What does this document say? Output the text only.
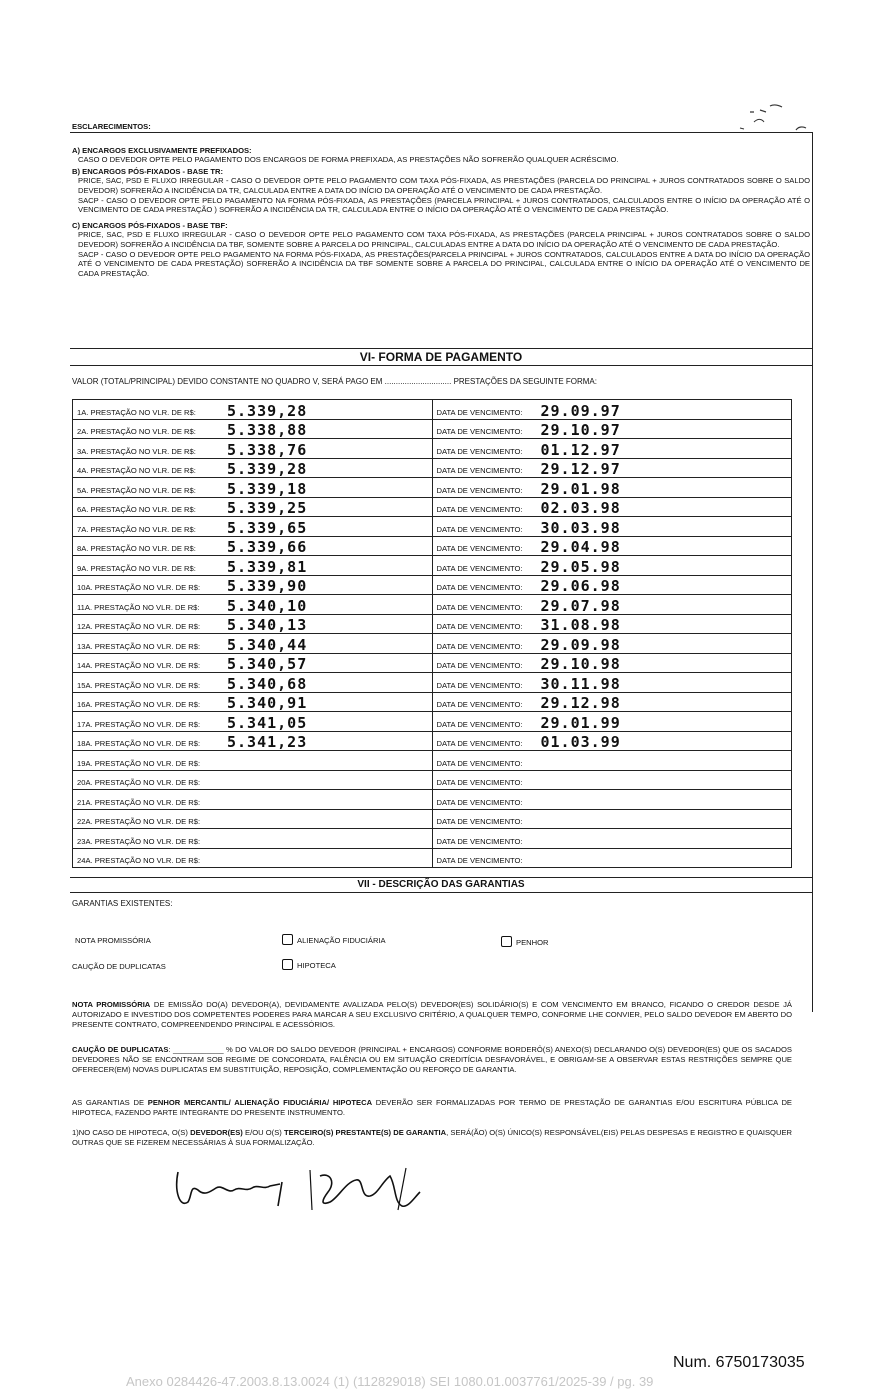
ESCLARECIMENTOS:
A) ENCARGOS EXCLUSIVAMENTE PREFIXADOS:
CASO O DEVEDOR OPTE PELO PAGAMENTO DOS ENCARGOS DE FORMA PREFIXADA, AS PRESTAÇÕES NÃO SOFRERÃO QUALQUER ACRÉSCIMO.
B) ENCARGOS PÓS-FIXADOS - BASE TR:
PRICE, SAC, PSD E FLUXO IRREGULAR - CASO O DEVEDOR OPTE PELO PAGAMENTO COM TAXA PÓS-FIXADA, AS PRESTAÇÕES (PARCELA DO PRINCIPAL + JUROS CONTRATADOS SOBRE O SALDO DEVEDOR) SOFRERÃO A INCIDÊNCIA DA TR, CALCULADA ENTRE A DATA DO INÍCIO DA OPERAÇÃO ATÉ O VENCIMENTO DE CADA PRESTAÇÃO.
SACP - CASO O DEVEDOR OPTE PELO PAGAMENTO NA FORMA PÓS-FIXADA, AS PRESTAÇÕES (PARCELA PRINCIPAL + JUROS CONTRATADOS, CALCULADOS ENTRE O INÍCIO DA OPERAÇÃO ATÉ O VENCIMENTO DE CADA PRESTAÇÃO ) SOFRERÃO A INCIDÊNCIA DA TR, CALCULADA ENTRE O INÍCIO DA OPERAÇÃO ATÉ O VENCIMENTO DE CADA PRESTAÇÃO.
C) ENCARGOS PÓS-FIXADOS - BASE TBF:
PRICE, SAC, PSD E FLUXO IRREGULAR - CASO O DEVEDOR OPTE PELO PAGAMENTO COM TAXA PÓS-FIXADA, AS PRESTAÇÕES (PARCELA PRINCIPAL + JUROS CONTRATADOS SOBRE O SALDO DEVEDOR) SOFRERÃO A INCIDÊNCIA DA TBF, SOMENTE SOBRE A PARCELA DO PRINCIPAL, CALCULADAS ENTRE A DATA DO INÍCIO DA OPERAÇÃO ATÉ O VENCIMENTO DE CADA PRESTAÇÃO.
SACP - CASO O DEVEDOR OPTE PELO PAGAMENTO NA FORMA PÓS-FIXADA, AS PRESTAÇÕES(PARCELA PRINCIPAL + JUROS CONTRATADOS, CALCULADOS ENTRE A DATA DO INÍCIO DA OPERAÇÃO ATÉ O VENCIMENTO DE CADA PRESTAÇÃO) SOFRERÃO A INCIDÊNCIA DA TBF SOMENTE SOBRE A PARCELA DO PRINCIPAL, CALCULADA ENTRE O INÍCIO DA OPERAÇÃO ATÉ O VENCIMENTO DE CADA PRESTAÇÃO.
VI- FORMA DE PAGAMENTO
VALOR (TOTAL/PRINCIPAL) DEVIDO CONSTANTE NO QUADRO V, SERÁ PAGO EM .............................. PRESTAÇÕES DA SEGUINTE FORMA:
1A. PRESTAÇÃO NO VLR. DE R$: 5.339,28	DATA DE VENCIMENTO: 29.09.97
2A. PRESTAÇÃO NO VLR. DE R$: 5.338,88	DATA DE VENCIMENTO: 29.10.97
3A. PRESTAÇÃO NO VLR. DE R$: 5.338,76	DATA DE VENCIMENTO: 01.12.97
4A. PRESTAÇÃO NO VLR. DE R$: 5.339,28	DATA DE VENCIMENTO: 29.12.97
5A. PRESTAÇÃO NO VLR. DE R$: 5.339,18	DATA DE VENCIMENTO: 29.01.98
6A. PRESTAÇÃO NO VLR. DE R$: 5.339,25	DATA DE VENCIMENTO: 02.03.98
7A. PRESTAÇÃO NO VLR. DE R$: 5.339,65	DATA DE VENCIMENTO: 30.03.98
8A. PRESTAÇÃO NO VLR. DE R$: 5.339,66	DATA DE VENCIMENTO: 29.04.98
9A. PRESTAÇÃO NO VLR. DE R$: 5.339,81	DATA DE VENCIMENTO: 29.05.98
10A. PRESTAÇÃO NO VLR. DE R$: 5.339,90	DATA DE VENCIMENTO: 29.06.98
11A. PRESTAÇÃO NO VLR. DE R$: 5.340,10	DATA DE VENCIMENTO: 29.07.98
12A. PRESTAÇÃO NO VLR. DE R$: 5.340,13	DATA DE VENCIMENTO: 31.08.98
13A. PRESTAÇÃO NO VLR. DE R$: 5.340,44	DATA DE VENCIMENTO: 29.09.98
14A. PRESTAÇÃO NO VLR. DE R$: 5.340,57	DATA DE VENCIMENTO: 29.10.98
15A. PRESTAÇÃO NO VLR. DE R$: 5.340,68	DATA DE VENCIMENTO: 30.11.98
16A. PRESTAÇÃO NO VLR. DE R$: 5.340,91	DATA DE VENCIMENTO: 29.12.98
17A. PRESTAÇÃO NO VLR. DE R$: 5.341,05	DATA DE VENCIMENTO: 29.01.99
18A. PRESTAÇÃO NO VLR. DE R$: 5.341,23	DATA DE VENCIMENTO: 01.03.99
19A. PRESTAÇÃO NO VLR. DE R$:	DATA DE VENCIMENTO:
20A. PRESTAÇÃO NO VLR. DE R$:	DATA DE VENCIMENTO:
21A. PRESTAÇÃO NO VLR. DE R$:	DATA DE VENCIMENTO:
22A. PRESTAÇÃO NO VLR. DE R$:	DATA DE VENCIMENTO:
23A. PRESTAÇÃO NO VLR. DE R$:	DATA DE VENCIMENTO:
24A. PRESTAÇÃO NO VLR. DE R$:	DATA DE VENCIMENTO:
VII - DESCRIÇÃO DAS GARANTIAS
GARANTIAS EXISTENTES:
NOTA PROMISSÓRIA
CAUÇÃO DE DUPLICATAS
ALIENAÇÃO FIDUCIÁRIA
HIPOTECA
PENHOR
NOTA PROMISSÓRIA DE EMISSÃO DO(A) DEVEDOR(A), DEVIDAMENTE AVALIZADA PELO(S) DEVEDOR(ES) SOLIDÁRIO(S) E COM VENCIMENTO EM BRANCO, FICANDO O CREDOR DESDE JÁ AUTORIZADO E INVESTIDO DOS COMPETENTES PODERES PARA MARCAR A SEU EXCLUSIVO CRITÉRIO, A QUALQUER TEMPO, CONFORME LHE CONVIER, PELO SALDO DEVEDOR EM ABERTO DO PRESENTE CONTRATO, COMPREENDENDO PRINCIPAL E ACESSÓRIOS.
CAUÇÃO DE DUPLICATAS: ____________ % DO VALOR DO SALDO DEVEDOR (PRINCIPAL + ENCARGOS) CONFORME BORDERÔ(S) ANEXO(S) DECLARANDO O(S) DEVEDOR(ES) QUE OS SACADOS DEVEDORES NÃO SE ENCONTRAM SOB REGIME DE CONCORDATA, FALÊNCIA OU EM SITUAÇÃO CREDITÍCIA DESFAVORÁVEL, E OBRIGAM-SE A OBSERVAR ESTAS RESTRIÇÕES SEMPRE QUE OFERECER(EM) NOVAS DUPLICATAS EM SUBSTITUIÇÃO, REPOSIÇÃO, COMPLEMENTAÇÃO OU REFORÇO DE GARANTIA.
AS GARANTIAS DE PENHOR MERCANTIL/ ALIENAÇÃO FIDUCIÁRIA/ HIPOTECA DEVERÃO SER FORMALIZADAS POR TERMO DE PRESTAÇÃO DE GARANTIAS E/OU ESCRITURA PÚBLICA DE HIPOTECA, FAZENDO PARTE INTEGRANTE DO PRESENTE INSTRUMENTO.
1)NO CASO DE HIPOTECA, O(S) DEVEDOR(ES) E/OU O(S) TERCEIRO(S) PRESTANTE(S) DE GARANTIA, SERÁ(ÃO) O(S) ÚNICO(S) RESPONSÁVEL(EIS) PELAS DESPESAS E REGISTRO E QUAISQUER OUTRAS QUE SE FIZEREM NECESSÁRIAS À SUA FORMALIZAÇÃO.
Num. 6750173035
Anexo 0284426-47.2003.8.13.0024 (1) (112829018) SEI 1080.01.0037761/2025-39 / pg. 39
